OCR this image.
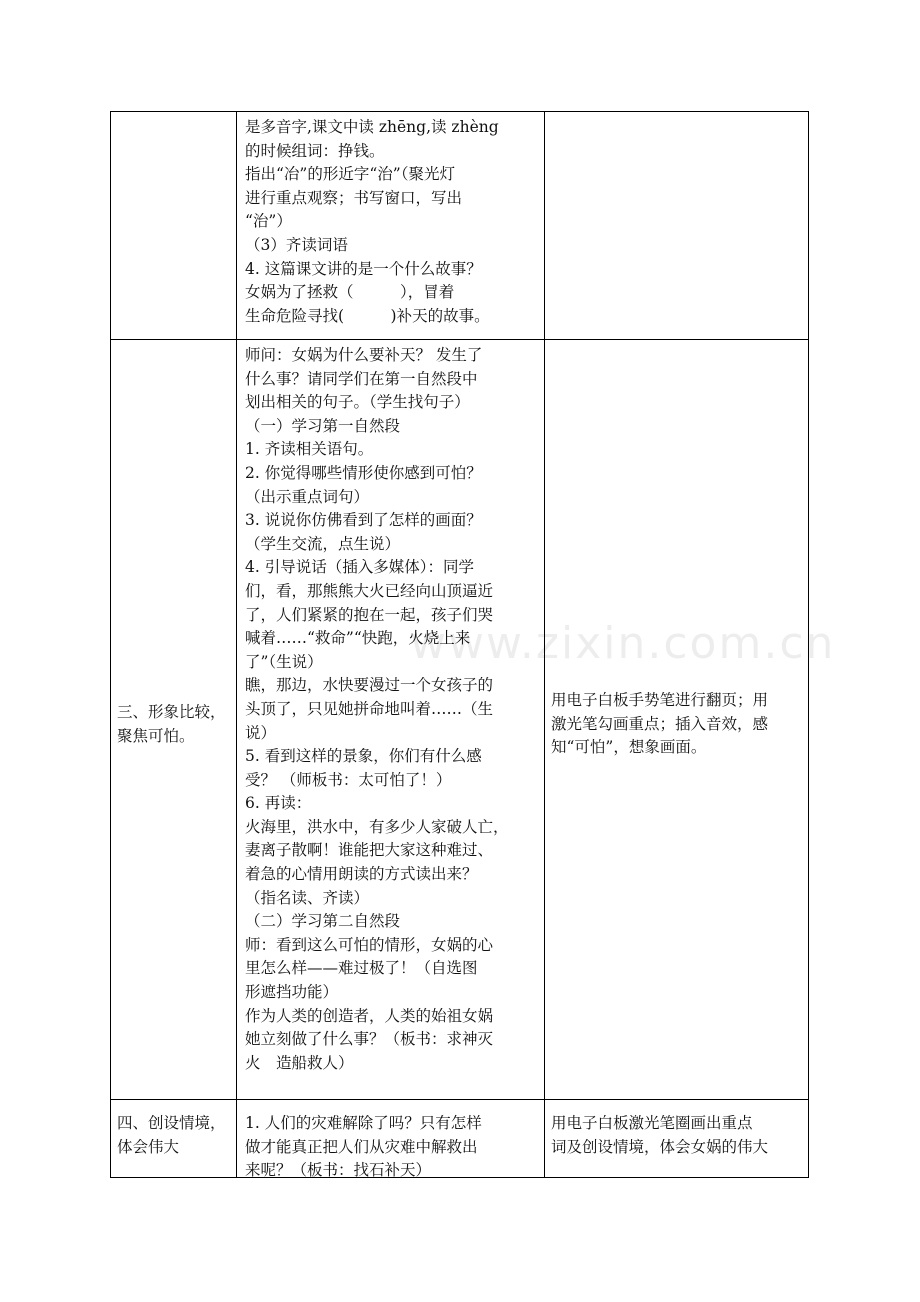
是多音字,课文中读 zhēng,读 zhèng
的时候组词：挣钱。
指出“冶”的形近字“治”（聚光灯
进行重点观察；书写窗口，写出
“治”）
（3）齐读词语
4. 这篇课文讲的是一个什么故事？
女娲为了拯救（　　　），冒着
生命危险寻找(　　　)补天的故事。
三、形象比较，
聚焦可怕。
师问：女娲为什么要补天？ 发生了
什么事？请同学们在第一自然段中
划出相关的句子。（学生找句子）
（一）学习第一自然段
1. 齐读相关语句。
2. 你觉得哪些情形使你感到可怕？
（出示重点词句）
3. 说说你仿佛看到了怎样的画面？
（学生交流，点生说）
4. 引导说话（插入多媒体）：同学
们，看，那熊熊大火已经向山顶逼近
了，人们紧紧的抱在一起，孩子们哭
喊着……“救命”“快跑，火烧上来
了”（生说）
瞧，那边，水快要漫过一个女孩子的
头顶了，只见她拼命地叫着……（生
说）
5. 看到这样的景象，你们有什么感
受？ （师板书：太可怕了！）
6. 再读：
火海里，洪水中，有多少人家破人亡，
妻离子散啊！谁能把大家这种难过、
着急的心情用朗读的方式读出来？
（指名读、齐读）
（二）学习第二自然段
师：看到这么可怕的情形，女娲的心
里怎么样——难过极了！（自选图
形遮挡功能）
作为人类的创造者，人类的始祖女娲
她立刻做了什么事？（板书：求神灭
火　造船救人）
用电子白板手势笔进行翻页；用
激光笔勾画重点；插入音效，感
知“可怕”，想象画面。
四、创设情境，
体会伟大
1. 人们的灾难解除了吗？只有怎样
做才能真正把人们从灾难中解救出
来呢？（板书：找石补天）
用电子白板激光笔圈画出重点
词及创设情境，体会女娲的伟大
www.zixin.com.cn
